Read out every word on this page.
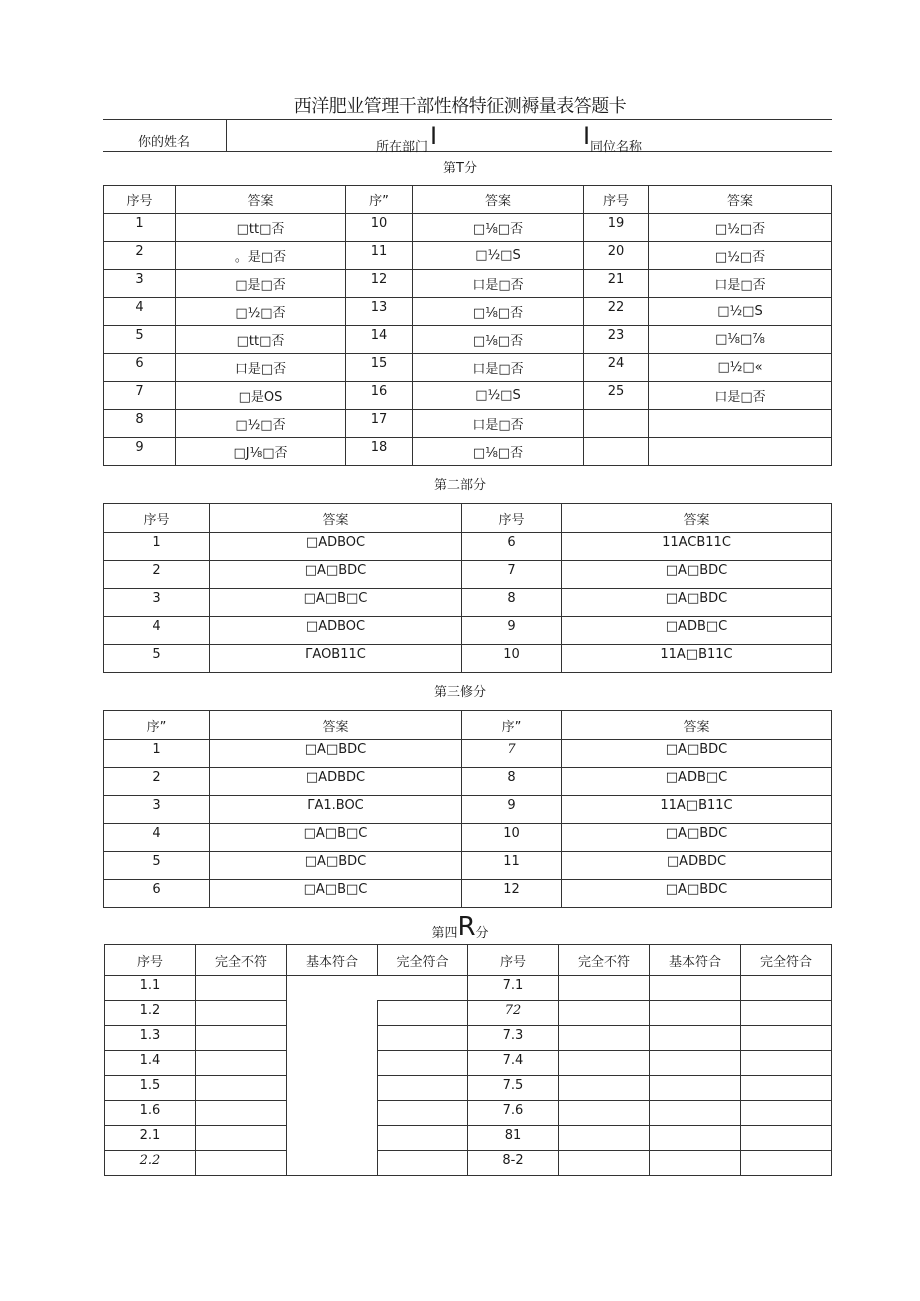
西洋肥业管理干部性格特征测褥量表答题卡
你的姓名	所在部门 I	I 同位名称
第T分
序号	答案	序”	答案	序号	答案
1	□tt□否	10	□⅛□否	19	□½□否
2	。是□否	11	□½□S	20	□½□否
3	□是□否	12	口是□否	21	口是□否
4	□½□否	13	□⅛□否	22	□½□S
5	□tt□否	14	□⅛□否	23	□⅛□⅞
6	口是□否	15	口是□否	24	□½□«
7	□是OS	16	□½□S	25	口是□否
8	□½□否	17	口是□否		
9	□J⅛□否	18	□⅛□否		
第二部分
序号	答案	序号	答案
1	□ADBOC	6	11ACB11C
2	□A□BDC	7	□A□BDC
3	□A□B□C	8	□A□BDC
4	□ADBOC	9	□ADB□C
5	ΓAOB11C	10	11A□B11C
第三修分
序”	答案	序”	答案
1	□A□BDC	7	□A□BDC
2	□ADBDC	8	□ADB□C
3	ΓA1.BOC	9	11A□B11C
4	□A□B□C	10	□A□BDC
5	□A□BDC	11	□ADBDC
6	□A□B□C	12	□A□BDC
第四R分
序号	完全不符	基本符合	完全符合	序号	完全不符	基本符合	完全符合
1.1				7.1			
1.2				72			
1.3				7.3			
1.4				7.4			
1.5				7.5			
1.6				7.6			
2.1				81			
2.2				8-2			
